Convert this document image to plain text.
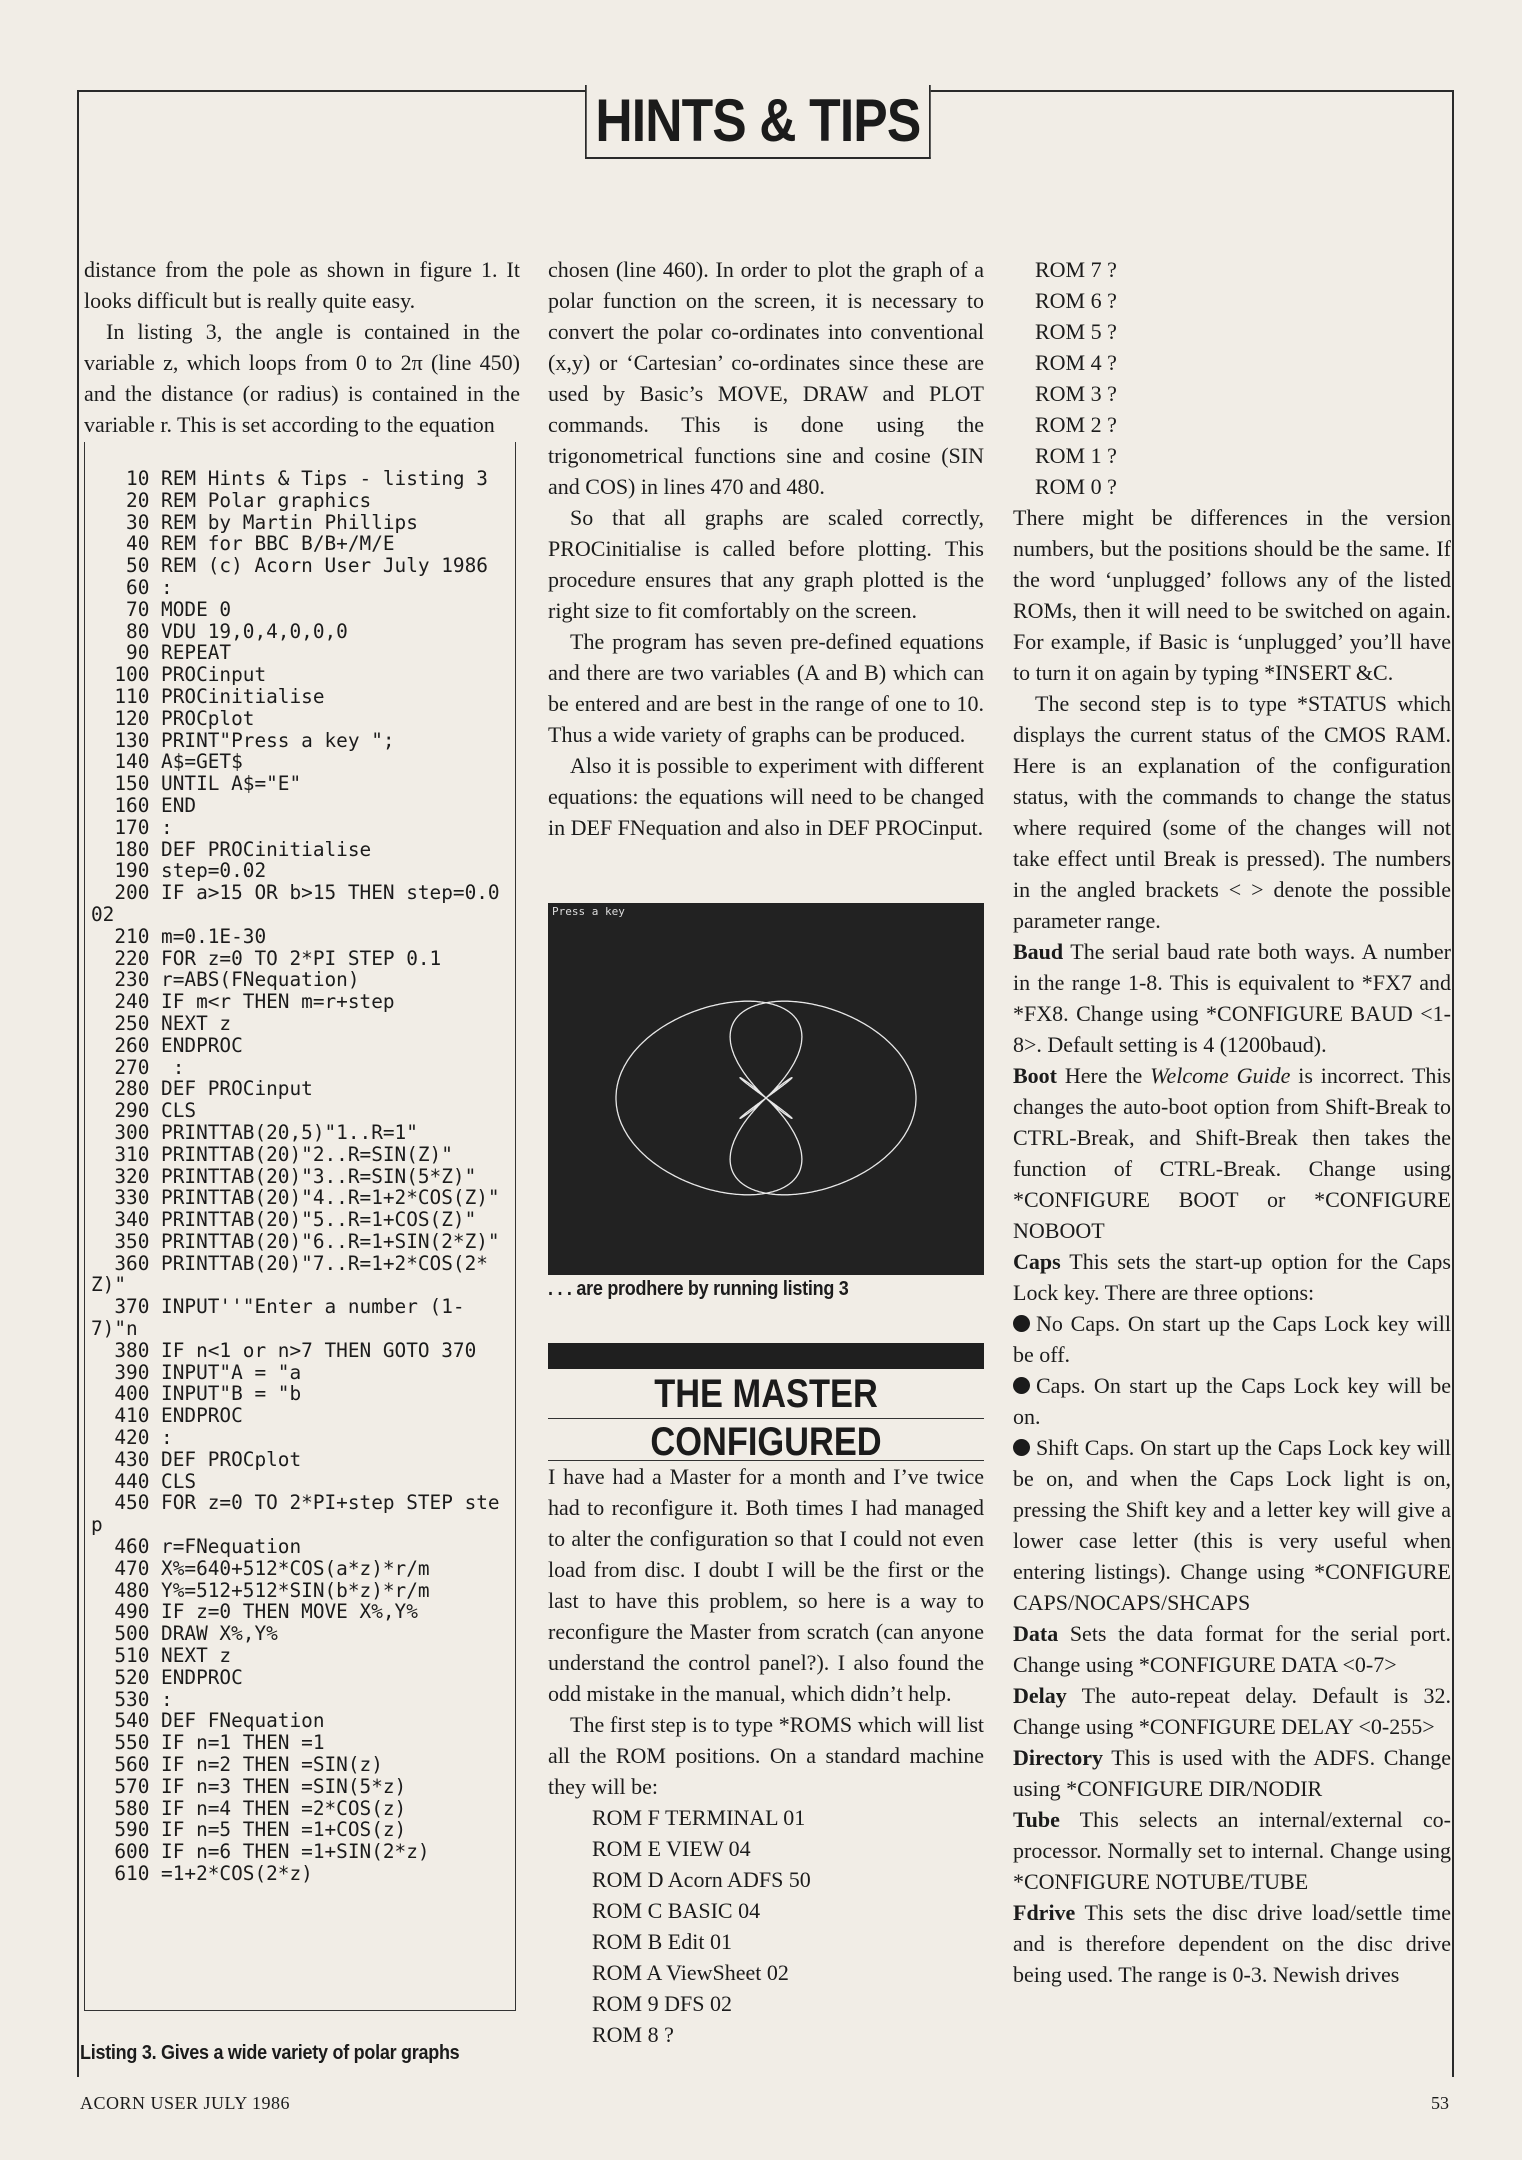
HINTS & TIPS

distance from the pole as shown in figure 1. It looks difficult but is really quite easy.

In listing 3, the angle is contained in the variable z, which loops from 0 to 2π (line 450) and the distance (or radius) is contained in the variable r. This is set according to the equation

10 REM Hints & Tips - listing 3
20 REM Polar graphics
30 REM by Martin Phillips
40 REM for BBC B/B+/M/E
50 REM (c) Acorn User July 1986
60 :
70 MODE 0
80 VDU 19,0,4,0,0,0
90 REPEAT
100 PROCinput
110 PROCinitialise
120 PROCplot
130 PRINT"Press a key ";
140 A$=GET$
150 UNTIL A$="E"
160 END
170 :
180 DEF PROCinitialise
190 step=0.02
200 IF a>15 OR b>15 THEN step=0.002
210 m=0.1E-30
220 FOR z=0 TO 2*PI STEP 0.1
230 r=ABS(FNequation)
240 IF m<r THEN m=r+step
250 NEXT z
260 ENDPROC
270  :
280 DEF PROCinput
290 CLS
300 PRINTTAB(20,5)"1..R=1"
310 PRINTTAB(20)"2..R=SIN(Z)"
320 PRINTTAB(20)"3..R=SIN(5*Z)"
330 PRINTTAB(20)"4..R=1+2*COS(Z)"
340 PRINTTAB(20)"5..R=1+COS(Z)"
350 PRINTTAB(20)"6..R=1+SIN(2*Z)"
360 PRINTTAB(20)"7..R=1+2*COS(2*Z)"
370 INPUT''"Enter a number (1-7)"n
380 IF n<1 or n>7 THEN GOTO 370
390 INPUT"A = "a
400 INPUT"B = "b
410 ENDPROC
420 :
430 DEF PROCplot
440 CLS
450 FOR z=0 TO 2*PI+step STEP step
460 r=FNequation
470 X%=640+512*COS(a*z)*r/m
480 Y%=512+512*SIN(b*z)*r/m
490 IF z=0 THEN MOVE X%,Y%
500 DRAW X%,Y%
510 NEXT z
520 ENDPROC
530 :
540 DEF FNequation
550 IF n=1 THEN =1
560 IF n=2 THEN =SIN(z)
570 IF n=3 THEN =SIN(5*z)
580 IF n=4 THEN =2*COS(z)
590 IF n=5 THEN =1+COS(z)
600 IF n=6 THEN =1+SIN(2*z)
610 =1+2*COS(2*z)
Listing 3. Gives a wide variety of polar graphs

chosen (line 460). In order to plot the graph of a polar function on the screen, it is necessary to convert the polar co-ordinates into conventional (x,y) or ‘Cartesian’ co-ordinates since these are used by Basic’s MOVE, DRAW and PLOT commands. This is done using the trigonometrical functions sine and cosine (SIN and COS) in lines 470 and 480.

So that all graphs are scaled correctly, PROCinitialise is called before plotting. This procedure ensures that any graph plotted is the right size to fit comfortably on the screen.

The program has seven pre-defined equations and there are two variables (A and B) which can be entered and are best in the range of one to 10. Thus a wide variety of graphs can be produced.

Also it is possible to experiment with different equations: the equations will need to be changed in DEF FNequation and also in DEF PROCinput.

Press a key
. . . are prodhere by running listing 3
THE MASTER
CONFIGURED

I have had a Master for a month and I’ve twice had to reconfigure it. Both times I had managed to alter the configuration so that I could not even load from disc. I doubt I will be the first or the last to have this problem, so here is a way to reconfigure the Master from scratch (can anyone understand the control panel?). I also found the odd mistake in the manual, which didn’t help.

The first step is to type *ROMS which will list all the ROM positions. On a standard machine they will be:

ROM F TERMINAL 01
ROM E VIEW 04
ROM D Acorn ADFS 50
ROM C BASIC 04
ROM B Edit 01
ROM A ViewSheet 02
ROM 9 DFS 02
ROM 8 ?
ROM 7 ?
ROM 6 ?
ROM 5 ?
ROM 4 ?
ROM 3 ?
ROM 2 ?
ROM 1 ?
ROM 0 ?

There might be differences in the version numbers, but the positions should be the same. If the word ‘unplugged’ follows any of the listed ROMs, then it will need to be switched on again. For example, if Basic is ‘unplugged’ you’ll have to turn it on again by typing *INSERT &C.

The second step is to type *STATUS which displays the current status of the CMOS RAM. Here is an explanation of the configuration status, with the commands to change the status where required (some of the changes will not take effect until Break is pressed). The numbers in the angled brackets < > denote the possible parameter range.

Baud The serial baud rate both ways. A number in the range 1-8. This is equivalent to *FX7 and *FX8. Change using *CONFIGURE BAUD <1-8>. Default setting is 4 (1200baud).

Boot Here the Welcome Guide is incorrect. This changes the auto-boot option from Shift-Break to CTRL-Break, and Shift-Break then takes the function of CTRL-Break. Change using *CONFIGURE BOOT or *CONFIGURE NOBOOT

Caps This sets the start-up option for the Caps Lock key. There are three options:

No Caps. On start up the Caps Lock key will be off.

Caps. On start up the Caps Lock key will be on.

Shift Caps. On start up the Caps Lock key will be on, and when the Caps Lock light is on, pressing the Shift key and a letter key will give a lower case letter (this is very useful when entering listings). Change using *CONFIGURE CAPS/NOCAPS/SHCAPS

Data Sets the data format for the serial port. Change using *CONFIGURE DATA <0-7>

Delay The auto-repeat delay. Default is 32. Change using *CONFIGURE DELAY <0-255>

Directory This is used with the ADFS. Change using *CONFIGURE DIR/NODIR

Tube This selects an internal/external co-processor. Normally set to internal. Change using *CONFIGURE NOTUBE/TUBE

Fdrive This sets the disc drive load/settle time and is therefore dependent on the disc drive being used. The range is 0-3. Newish drives

ACORN USER JULY 1986	53
